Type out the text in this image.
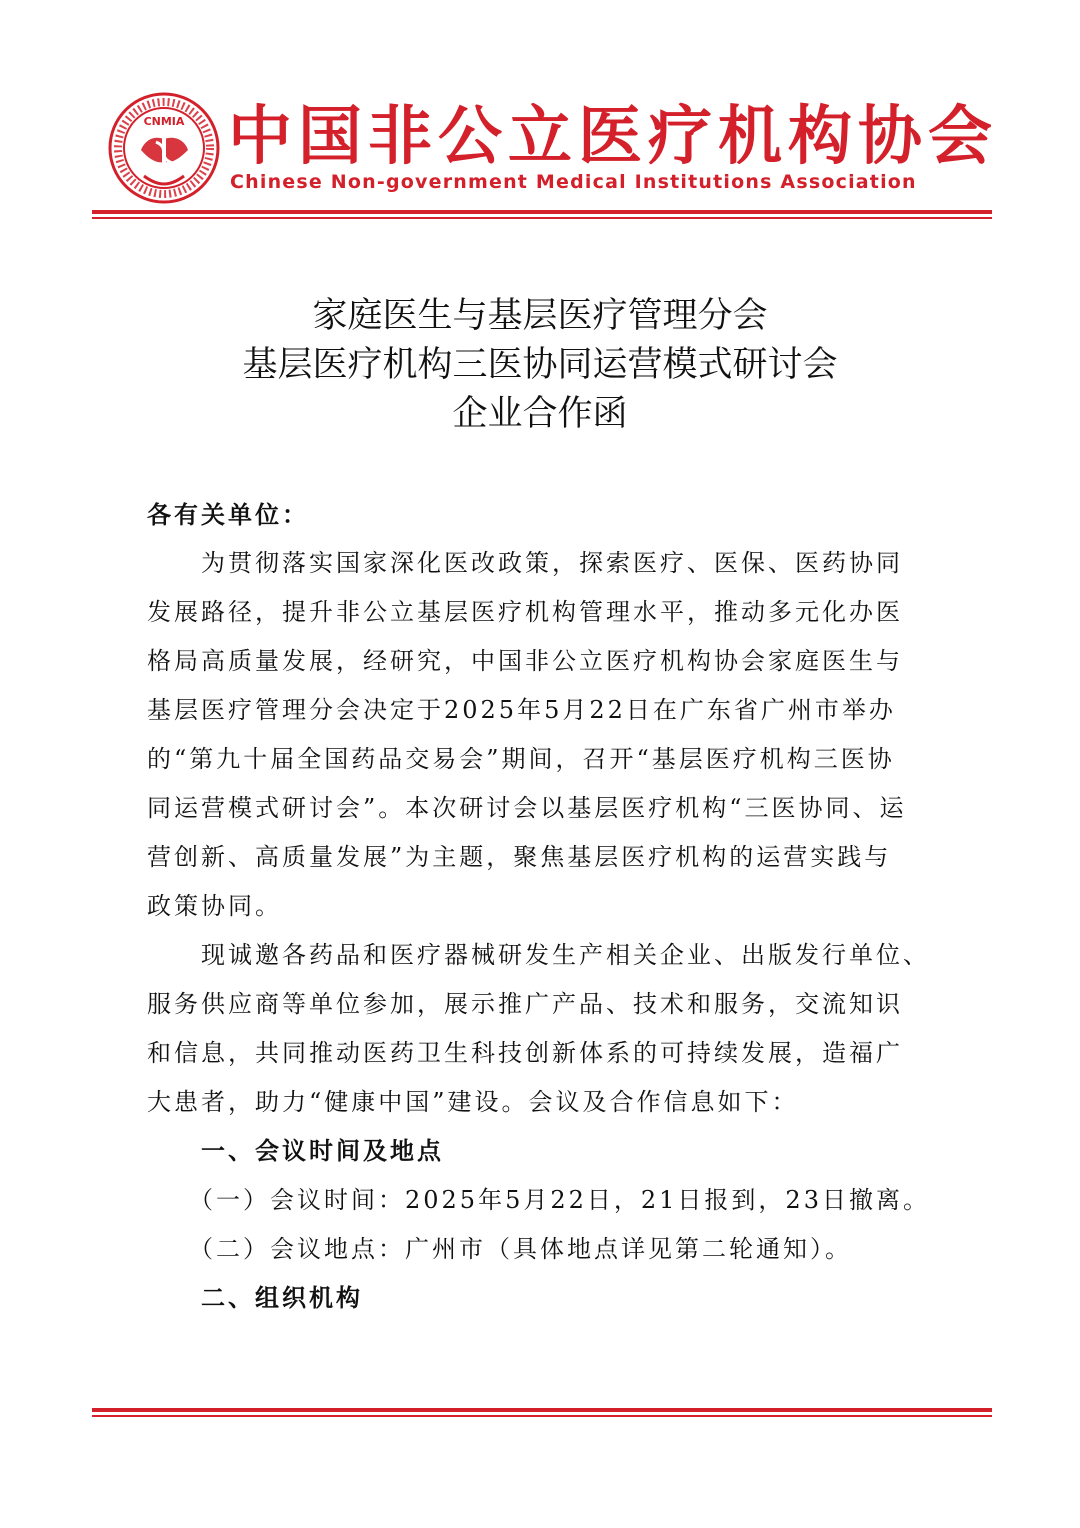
CNMIA 中国非公立医疗机构协会
Chinese Non-government Medical Institutions Association
家庭医生与基层医疗管理分会
基层医疗机构三医协同运营模式研讨会
企业合作函
各有关单位：
　　为贯彻落实国家深化医改政策，探索医疗、医保、医药协同
发展路径，提升非公立基层医疗机构管理水平，推动多元化办医
格局高质量发展，经研究，中国非公立医疗机构协会家庭医生与
基层医疗管理分会决定于2025年5月22日在广东省广州市举办
的“第九十届全国药品交易会”期间，召开“基层医疗机构三医协
同运营模式研讨会”。本次研讨会以基层医疗机构“三医协同、运
营创新、高质量发展”为主题，聚焦基层医疗机构的运营实践与
政策协同。
　　现诚邀各药品和医疗器械研发生产相关企业、出版发行单位、
服务供应商等单位参加，展示推广产品、技术和服务，交流知识
和信息，共同推动医药卫生科技创新体系的可持续发展，造福广
大患者，助力“健康中国”建设。会议及合作信息如下：
　　一、会议时间及地点
　　（一）会议时间：2025年5月22日，21日报到，23日撤离。
　　（二）会议地点：广州市（具体地点详见第二轮通知）。
　　二、组织机构
